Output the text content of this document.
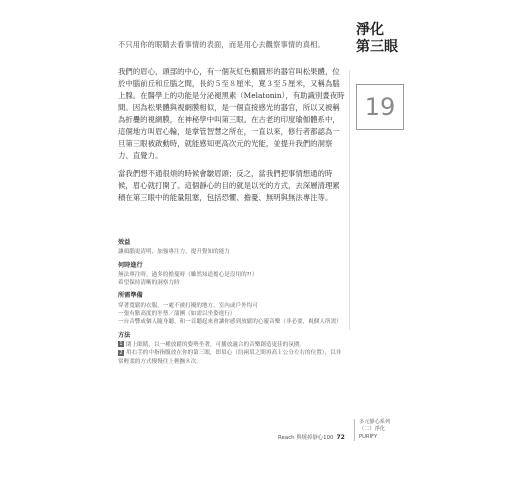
不只用你的眼睛去看事情的表面，而是用心去觀察事情的真相。

我們的眉心，頭部的中心，有一個灰紅色橢圓形的器官叫松果體，位於中腦前丘和丘腦之間，長約５至８厘米，寬３至５厘米，又稱為腦上腺。在醫學上的功能是分泌褪黑素（Melatonin），有助識別晝夜時間。因為松果體與視網膜相似，是一個直接感光的器官，所以又被稱為折疊的視網膜，在神秘學中叫第三眼。在古老的印度瑜伽體系中，這個地方叫眉心輪，是掌管智慧之所在，一直以來，修行者都認為一旦第三眼被啟動時，就能感知更高次元的光能，並提升我們的洞察力、直覺力。

當我們想不通很煩的時候會皺眉頭；反之，當我們把事情想通的時候，眉心就打開了。這個靜心的目的就是以光的方式，去深層清理累積在第三眼中的能量阻塞，包括恐懼、擔憂、無明與無法專注等。

淨化
第三眼
19
效益
讓頭腦更清明，加強專注力，提升覺知的能力
何時進行
無法專注時，過多的擔憂時（雖然知道擔心是沒用的?!）
希望保持清晰的洞察力時
所需準備
穿著寬鬆的衣服，一處不被打擾的地方，室內或戶外均可
一張有點高度的坐墊／蒲團（如需以坐姿進行）
一台音響或個人隨身聽，和一首聽起來會讓你感到放鬆的心靈音樂（非必要，視個人所需）
方法
1 閉上眼睛，以一種放鬆的姿勢坐著，可播放適合的音樂創造更佳的氛圍。
2 用右手的中指指腹放在你的第三眼，即眉心（約兩眉之間再高１公分左右的位置），以非常輕柔的方式慢慢往上輕撫８次。
Reach 與燒掉靜心100 72
多元靜心系列
（二）淨化
PURIFY
